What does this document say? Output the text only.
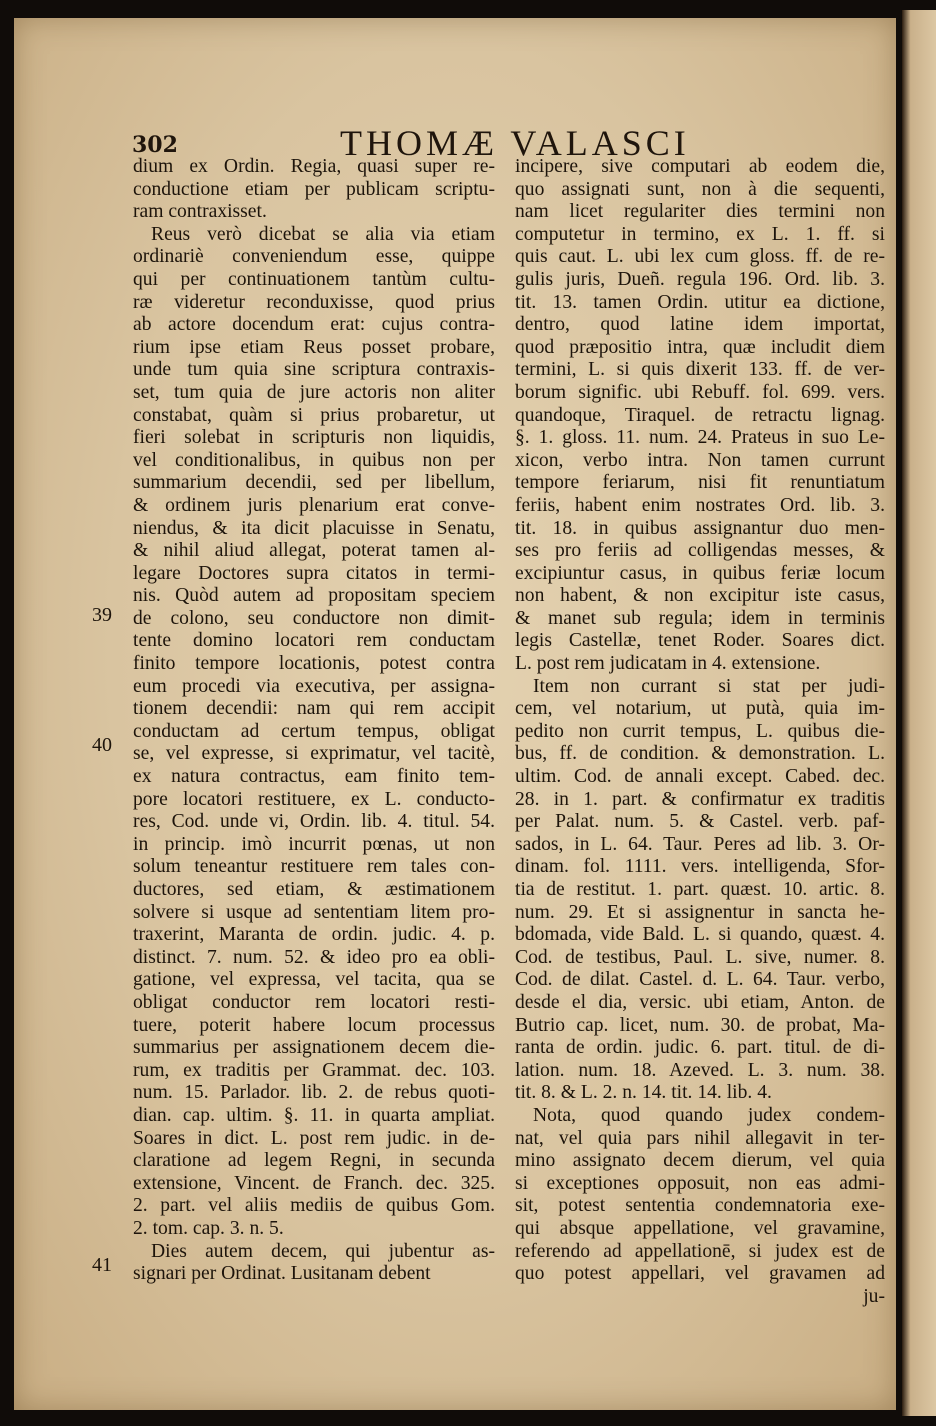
302	THOMÆ VALASCI
39
40
41
dium ex Ordin. Regia, quasi super re-
conductione etiam per publicam scriptu-
ram contraxisset.
Reus verò dicebat se alia via etiam
ordinariè conveniendum esse, quippe
qui per continuationem tantùm cultu-
ræ videretur reconduxisse, quod prius
ab actore docendum erat: cujus contra-
rium ipse etiam Reus posset probare,
unde tum quia sine scriptura contraxis-
set, tum quia de jure actoris non aliter
constabat, quàm si prius probaretur, ut
fieri solebat in scripturis non liquidis,
vel conditionalibus, in quibus non per
summarium decendii, sed per libellum,
& ordinem juris plenarium erat conve-
niendus, & ita dicit placuisse in Senatu,
& nihil aliud allegat, poterat tamen al-
legare Doctores supra citatos in termi-
nis. Quòd autem ad propositam speciem
de colono, seu conductore non dimit-
tente domino locatori rem conductam
finito tempore locationis, potest contra
eum procedi via executiva, per assigna-
tionem decendii: nam qui rem accipit
conductam ad certum tempus, obligat
se, vel expresse, si exprimatur, vel tacitè,
ex natura contractus, eam finito tem-
pore locatori restituere, ex L. conducto-
res, Cod. unde vi, Ordin. lib. 4. titul. 54.
in princip. imò incurrit pœnas, ut non
solum teneantur restituere rem tales con-
ductores, sed etiam, & æstimationem
solvere si usque ad sententiam litem pro-
traxerint, Maranta de ordin. judic. 4. p.
distinct. 7. num. 52. & ideo pro ea obli-
gatione, vel expressa, vel tacita, qua se
obligat conductor rem locatori resti-
tuere, poterit habere locum processus
summarius per assignationem decem die-
rum, ex traditis per Grammat. dec. 103.
num. 15. Parlador. lib. 2. de rebus quoti-
dian. cap. ultim. §. 11. in quarta ampliat.
Soares in dict. L. post rem judic. in de-
claratione ad legem Regni, in secunda
extensione, Vincent. de Franch. dec. 325.
2. part. vel aliis mediis de quibus Gom.
2. tom. cap. 3. n. 5.
Dies autem decem, qui jubentur as-
signari per Ordinat. Lusitanam debent
incipere, sive computari ab eodem die,
quo assignati sunt, non à die sequenti,
nam licet regulariter dies termini non
computetur in termino, ex L. 1. ff. si
quis caut. L. ubi lex cum gloss. ff. de re-
gulis juris, Dueñ. regula 196. Ord. lib. 3.
tit. 13. tamen Ordin. utitur ea dictione,
dentro, quod latine idem importat,
quod præpositio intra, quæ includit diem
termini, L. si quis dixerit 133. ff. de ver-
borum signific. ubi Rebuff. fol. 699. vers.
quandoque, Tiraquel. de retractu lignag.
§. 1. gloss. 11. num. 24. Prateus in suo Le-
xicon, verbo intra. Non tamen currunt
tempore feriarum, nisi fit renuntiatum
feriis, habent enim nostrates Ord. lib. 3.
tit. 18. in quibus assignantur duo men-
ses pro feriis ad colligendas messes, &
excipiuntur casus, in quibus feriæ locum
non habent, & non excipitur iste casus,
& manet sub regula; idem in terminis
legis Castellæ, tenet Roder. Soares dict.
L. post rem judicatam in 4. extensione.
Item non currant si stat per judi-
cem, vel notarium, ut putà, quia im-
pedito non currit tempus, L. quibus die-
bus, ff. de condition. & demonstration. L.
ultim. Cod. de annali except. Cabed. dec.
28. in 1. part. & confirmatur ex traditis
per Palat. num. 5. & Castel. verb. paf-
sados, in L. 64. Taur. Peres ad lib. 3. Or-
dinam. fol. 1111. vers. intelligenda, Sfor-
tia de restitut. 1. part. quæst. 10. artic. 8.
num. 29. Et si assignentur in sancta he-
bdomada, vide Bald. L. si quando, quæst. 4.
Cod. de testibus, Paul. L. sive, numer. 8.
Cod. de dilat. Castel. d. L. 64. Taur. verbo,
desde el dia, versic. ubi etiam, Anton. de
Butrio cap. licet, num. 30. de probat, Ma-
ranta de ordin. judic. 6. part. titul. de di-
lation. num. 18. Azeved. L. 3. num. 38.
tit. 8. & L. 2. n. 14. tit. 14. lib. 4.
Nota, quod quando judex condem-
nat, vel quia pars nihil allegavit in ter-
mino assignato decem dierum, vel quia
si exceptiones opposuit, non eas admi-
sit, potest sententia condemnatoria exe-
qui absque appellatione, vel gravamine,
referendo ad appellationē, si judex est de
quo potest appellari, vel gravamen ad
ju-
